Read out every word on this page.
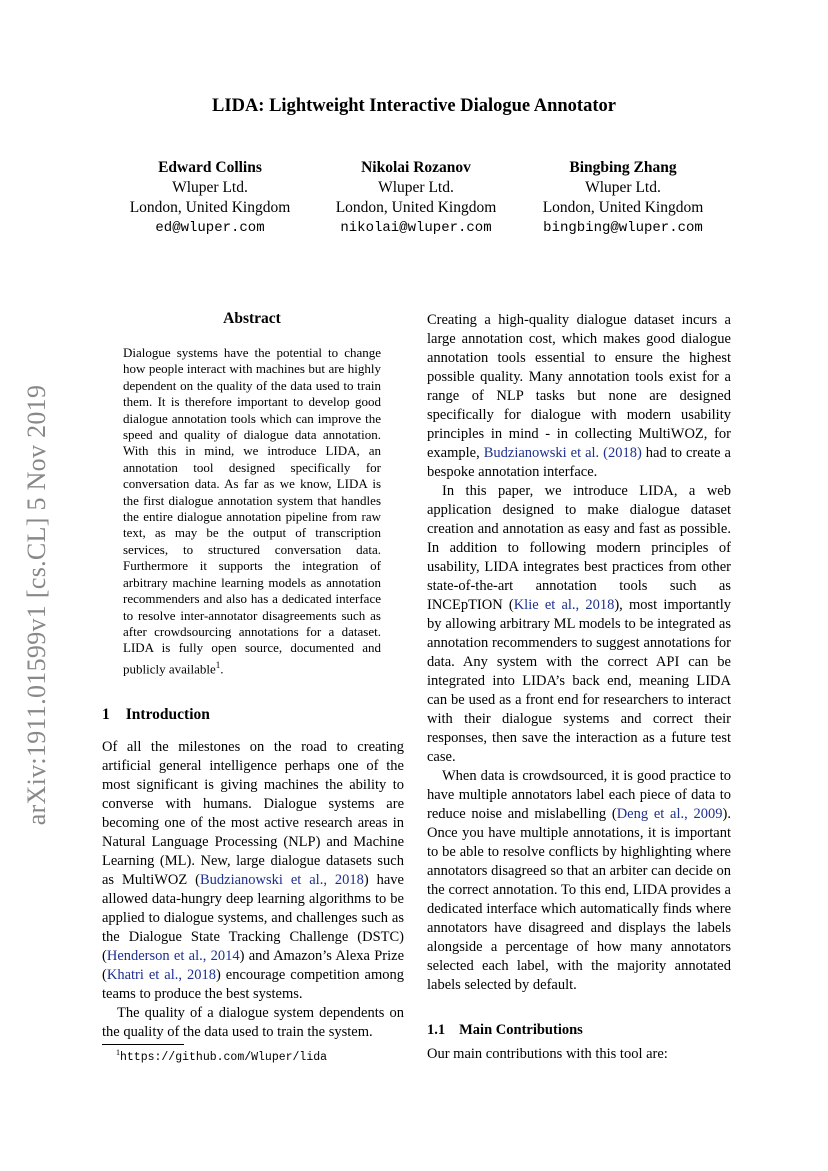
arXiv:1911.01599v1 [cs.CL] 5 Nov 2019
LIDA: Lightweight Interactive Dialogue Annotator
Edward Collins
Wluper Ltd.
London, United Kingdom
ed@wluper.com
Nikolai Rozanov
Wluper Ltd.
London, United Kingdom
nikolai@wluper.com
Bingbing Zhang
Wluper Ltd.
London, United Kingdom
bingbing@wluper.com
Abstract
Dialogue systems have the potential to change how people interact with machines but are highly dependent on the quality of the data used to train them. It is therefore important to develop good dialogue annotation tools which can improve the speed and quality of dialogue data annotation. With this in mind, we introduce LIDA, an annotation tool designed specifically for conversation data. As far as we know, LIDA is the first dialogue annotation system that handles the entire dialogue annotation pipeline from raw text, as may be the output of transcription services, to structured conversation data. Furthermore it supports the integration of arbitrary machine learning models as annotation recommenders and also has a dedicated interface to resolve inter-annotator disagreements such as after crowdsourcing annotations for a dataset. LIDA is fully open source, documented and publicly available$^1$.
1 Introduction

Of all the milestones on the road to creating artificial general intelligence perhaps one of the most significant is giving machines the ability to converse with humans. Dialogue systems are becoming one of the most active research areas in Natural Language Processing (NLP) and Machine Learning (ML). New, large dialogue datasets such as MultiWOZ (Budzianowski et al., 2018) have allowed data-hungry deep learning algorithms to be applied to dialogue systems, and challenges such as the Dialogue State Tracking Challenge (DSTC) (Henderson et al., 2014) and Amazon’s Alexa Prize (Khatri et al., 2018) encourage competition among teams to produce the best systems.

The quality of a dialogue system dependents on the quality of the data used to train the system.

$^1$https://github.com/Wluper/lida

Creating a high-quality dialogue dataset incurs a large annotation cost, which makes good dialogue annotation tools essential to ensure the highest possible quality. Many annotation tools exist for a range of NLP tasks but none are designed specifically for dialogue with modern usability principles in mind - in collecting MultiWOZ, for example, Budzianowski et al. (2018) had to create a bespoke annotation interface.

In this paper, we introduce LIDA, a web application designed to make dialogue dataset creation and annotation as easy and fast as possible. In addition to following modern principles of usability, LIDA integrates best practices from other state-of-the-art annotation tools such as INCEpTION (Klie et al., 2018), most importantly by allowing arbitrary ML models to be integrated as annotation recommenders to suggest annotations for data. Any system with the correct API can be integrated into LIDA’s back end, meaning LIDA can be used as a front end for researchers to interact with their dialogue systems and correct their responses, then save the interaction as a future test case.

When data is crowdsourced, it is good practice to have multiple annotators label each piece of data to reduce noise and mislabelling (Deng et al., 2009). Once you have multiple annotations, it is important to be able to resolve conflicts by highlighting where annotators disagreed so that an arbiter can decide on the correct annotation. To this end, LIDA provides a dedicated interface which automatically finds where annotators have disagreed and displays the labels alongside a percentage of how many annotators selected each label, with the majority annotated labels selected by default.

1.1 Main Contributions
Our main contributions with this tool are:
